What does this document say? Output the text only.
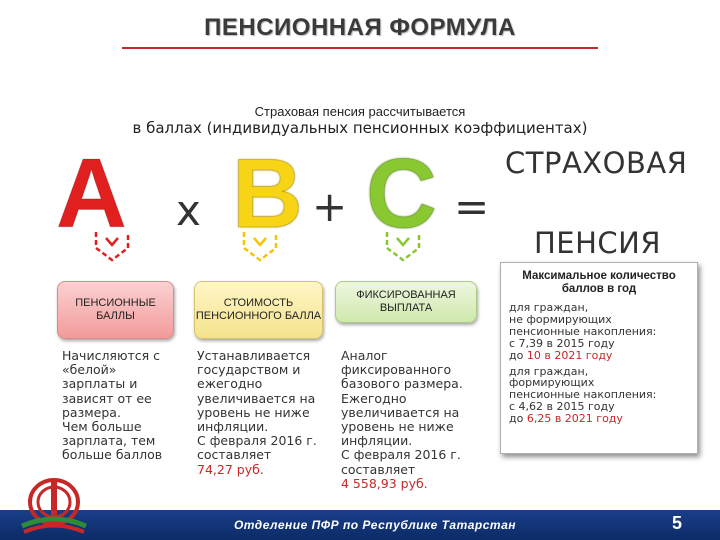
ПЕНСИОННАЯ ФОРМУЛА
Страховая пенсия рассчитывается
в баллах (индивидуальных пенсионных коэффициентах)
A х B + C =
СТРАХОВАЯ
ПЕНСИЯ
ПЕНСИОННЫЕ БАЛЛЫ
СТОИМОСТЬ ПЕНСИОННОГО БАЛЛА
ФИКСИРОВАННАЯ ВЫПЛАТА
Начисляются с
«белой»
зарплаты и
зависят от ее
размера.
Чем больше
зарплата, тем
больше баллов
Устанавливается
государством и
ежегодно
увеличивается на
уровень не ниже
инфляции.
С февраля 2016 г.
составляет
74,27 руб.
Аналог
фиксированного
базового размера.
Ежегодно
увеличивается на
уровень не ниже
инфляции.
С февраля 2016 г.
составляет
4 558,93 руб.
Максимальное количество баллов в год
для граждан,
не формирующих
пенсионные накопления:
с 7,39 в 2015 году
до 10 в 2021 году
для граждан,
формирующих
пенсионные накопления:
с 4,62 в 2015 году
до 6,25 в 2021 году
Отделение ПФР по Республике Татарстан	5
